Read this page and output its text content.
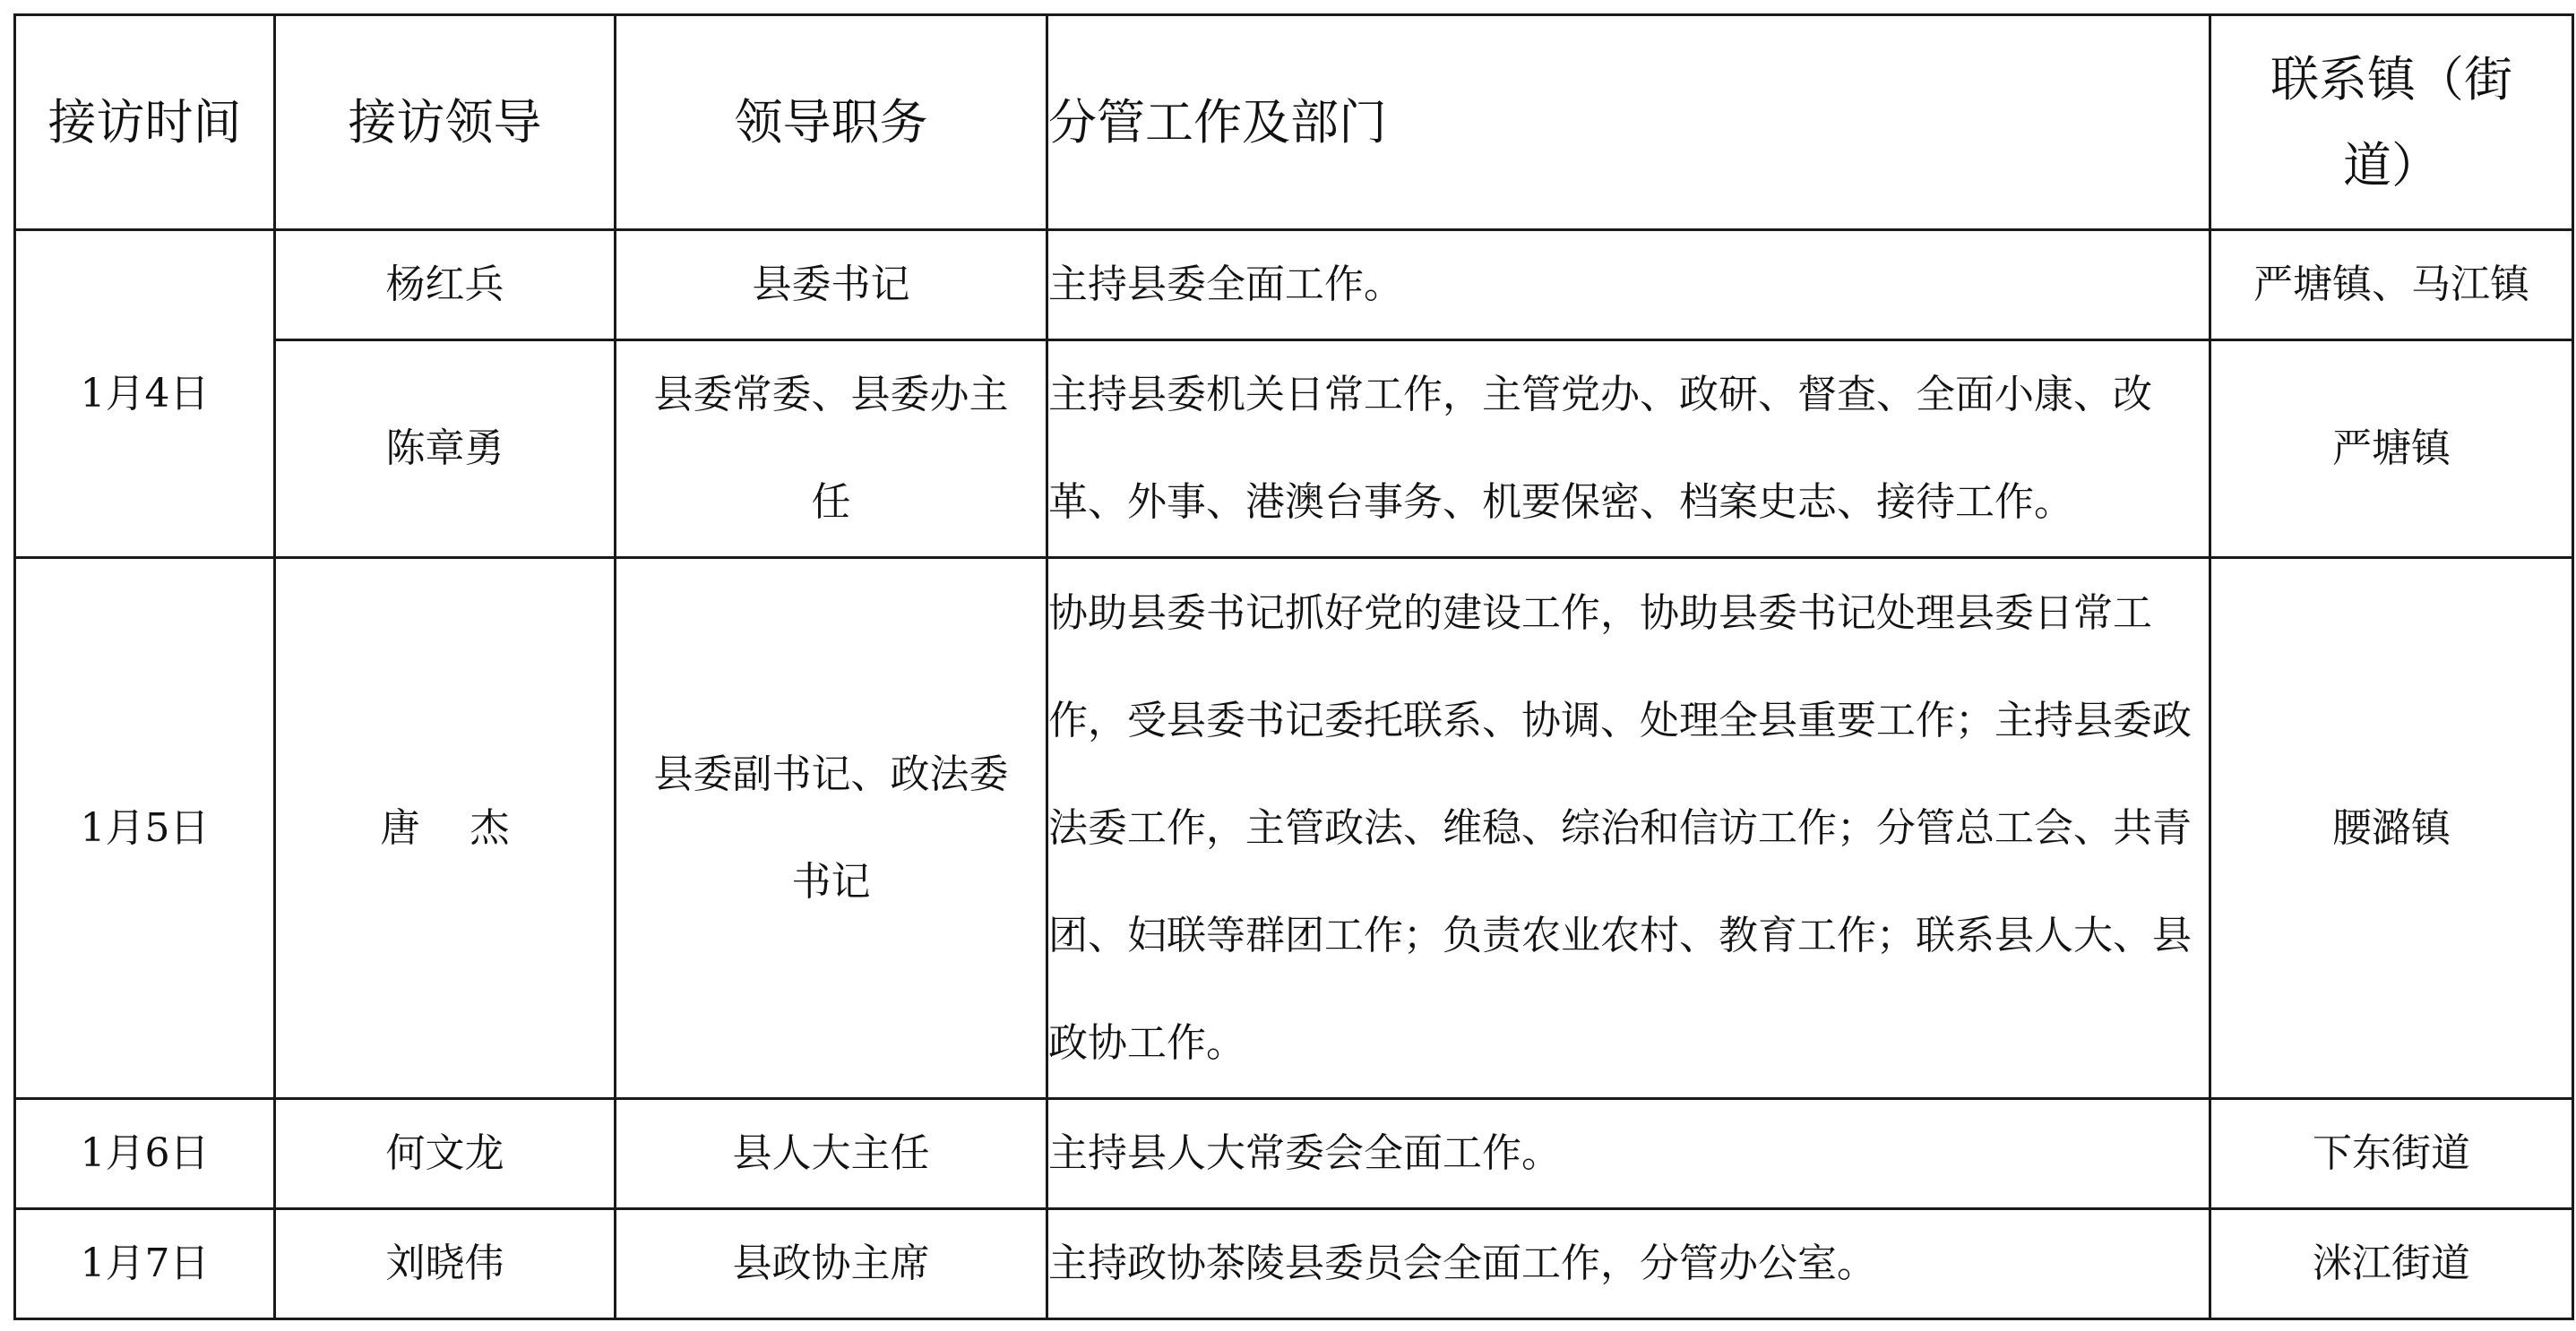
接访时间	接访领导	领导职务	分管工作及部门	联系镇（街道）
1月4日	杨红兵	县委书记	主持县委全面工作。	严塘镇、马江镇
	陈章勇	县委常委、县委办主任	主持县委机关日常工作，主管党办、政研、督查、全面小康、改革、外事、港澳台事务、机要保密、档案史志、接待工作。	严塘镇
1月5日	唐杰	县委副书记、政法委书记	协助县委书记抓好党的建设工作，协助县委书记处理县委日常工作，受县委书记委托联系、协调、处理全县重要工作；主持县委政法委工作，主管政法、维稳、综治和信访工作；分管总工会、共青团、妇联等群团工作；负责农业农村、教育工作；联系县人大、县政协工作。	腰潞镇
1月6日	何文龙	县人大主任	主持县人大常委会全面工作。	下东街道
1月7日	刘晓伟	县政协主席	主持政协茶陵县委员会全面工作，分管办公室。	洣江街道
